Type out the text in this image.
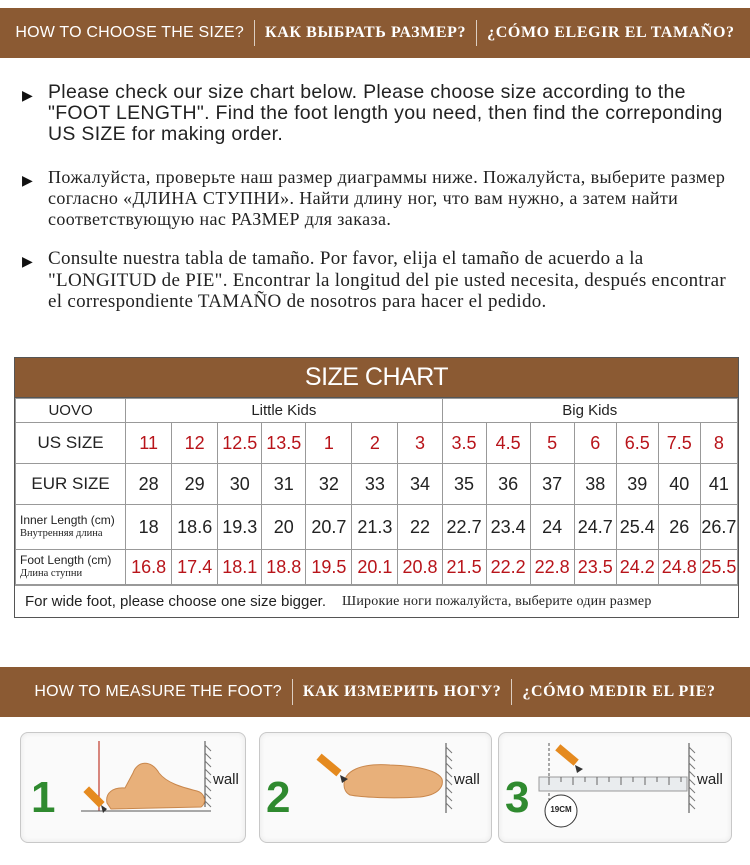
HOW TO CHOOSE THE SIZE?	КАК ВЫБРАТЬ РАЗМЕР?	¿CÓMO ELEGIR EL TAMAÑO?
▶ Please check our size chart below. Please choose size according to the "FOOT LENGTH". Find the foot length you need, then find the correponding US SIZE for making order.
▶ Пожалуйста, проверьте наш размер диаграммы ниже. Пожалуйста, выберите размер согласно «ДЛИНА СТУПНИ». Найти длину ног, что вам нужно, а затем найти соответствующую нас РАЗМЕР для заказа.
▶ Consulte nuestra tabla de tamaño. Por favor, elija el tamaño de acuerdo a la "LONGITUD de PIE". Encontrar la longitud del pie usted necesita, después encontrar el correspondiente TAMAÑO de nosotros para hacer el pedido.
SIZE CHART
UOVO	Little Kids							Big Kids						
US SIZE	11	12	12.5	13.5	1	2	3	3.5	4.5	5	6	6.5	7.5	8
EUR SIZE	28	29	30	31	32	33	34	35	36	37	38	39	40	41
Inner Length (cm)
Внутренняя длина	18	18.6	19.3	20	20.7	21.3	22	22.7	23.4	24	24.7	25.4	26	26.7
Foot Length (cm)
Длина ступни	16.8	17.4	18.1	18.8	19.5	20.1	20.8	21.5	22.2	22.8	23.5	24.2	24.8	25.5
For wide foot, please choose one size bigger. Широкие ноги пожалуйста, выберите один размер
HOW TO MEASURE THE FOOT?	КАК ИЗМЕРИТЬ НОГУ?	¿CÓMO MEDIR EL PIE?
1	wall 2	wall 3	19CM
wall
